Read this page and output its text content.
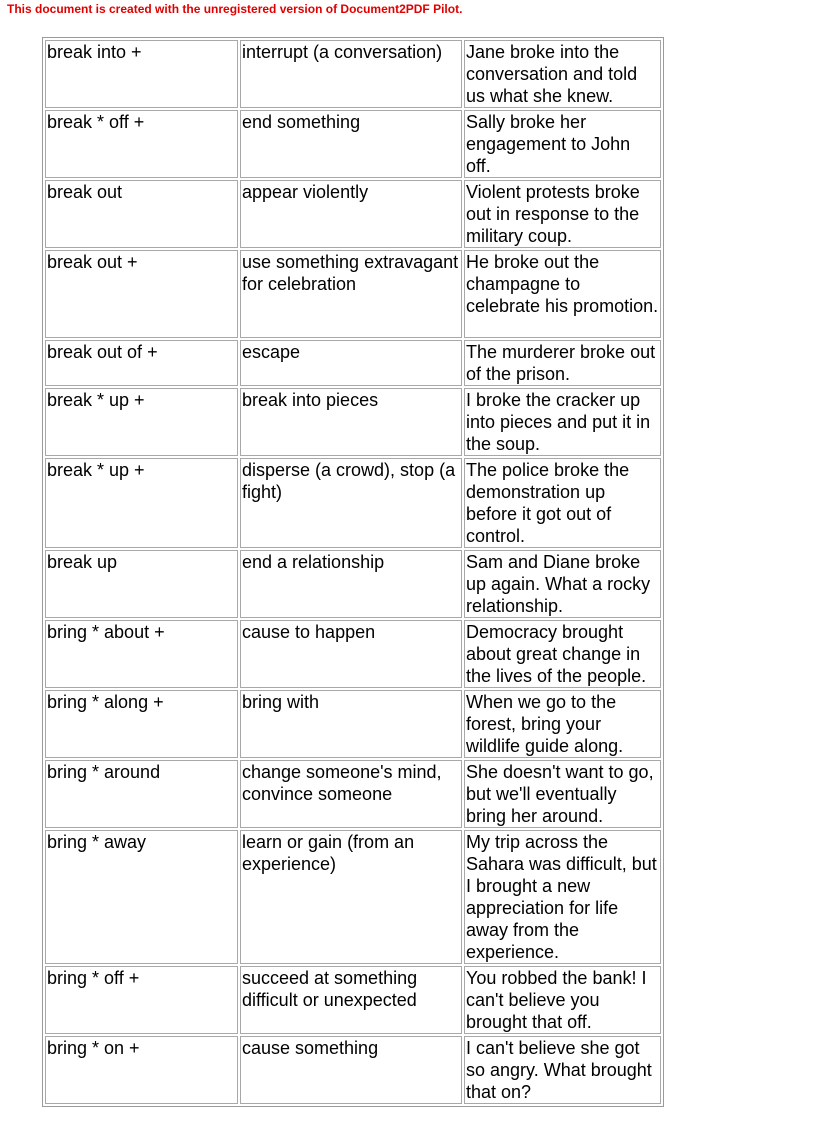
This document is created with the unregistered version of Document2PDF Pilot.
break into +	interrupt (a conversation)	Jane broke into the conversation and told us what she knew.
break * off +	end something	Sally broke her engagement to John off.
break out	appear violently	Violent protests broke out in response to the military coup.
break out +	use something extravagant for celebration	He broke out the champagne to celebrate his promotion.
break out of +	escape	The murderer broke out of the prison.
break * up +	break into pieces	I broke the cracker up into pieces and put it in the soup.
break * up +	disperse (a crowd), stop (a fight)	The police broke the demonstration up before it got out of control.
break up	end a relationship	Sam and Diane broke up again. What a rocky relationship.
bring * about +	cause to happen	Democracy brought about great change in the lives of the people.
bring * along +	bring with	When we go to the forest, bring your wildlife guide along.
bring * around	change someone's mind, convince someone	She doesn't want to go, but we'll eventually bring her around.
bring * away	learn or gain (from an experience)	My trip across the Sahara was difficult, but I brought a new appreciation for life away from the experience.
bring * off +	succeed at something difficult or unexpected	You robbed the bank! I can't believe you brought that off.
bring * on +	cause something	I can't believe she got so angry. What brought that on?
